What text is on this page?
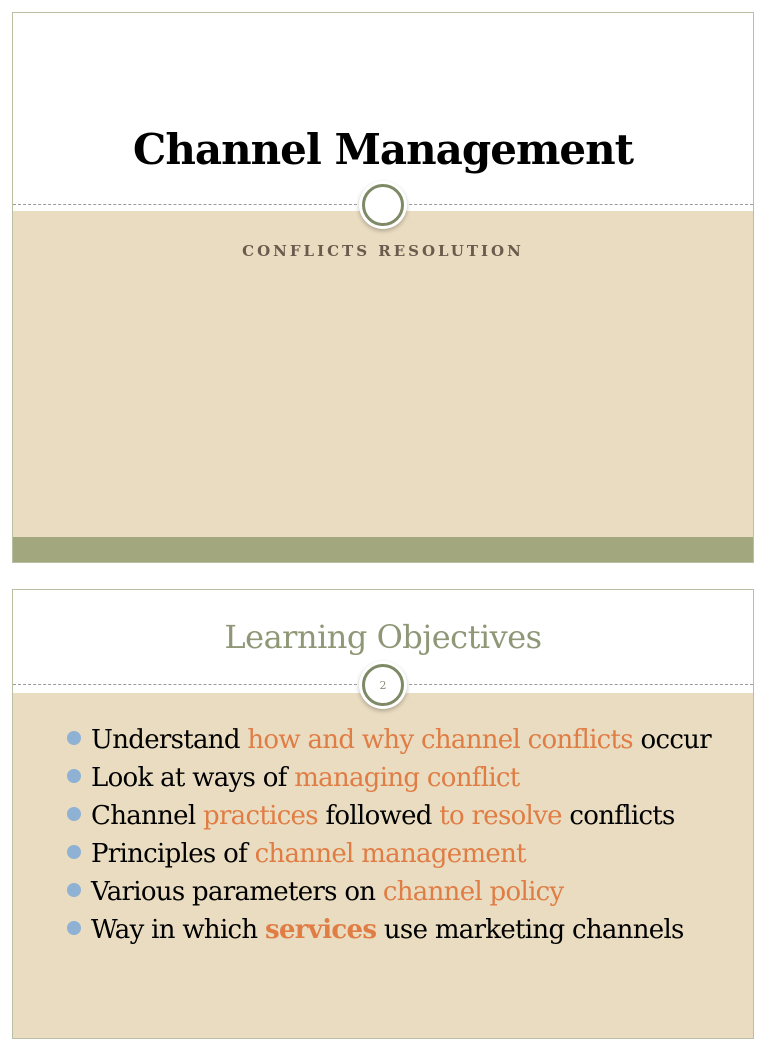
Channel Management
CONFLICTS RESOLUTION
Learning Objectives
2
Understand how and why channel conflicts occur
Look at ways of managing conflict
Channel practices followed to resolve conflicts
Principles of channel management
Various parameters on channel policy
Way in which services use marketing channels
